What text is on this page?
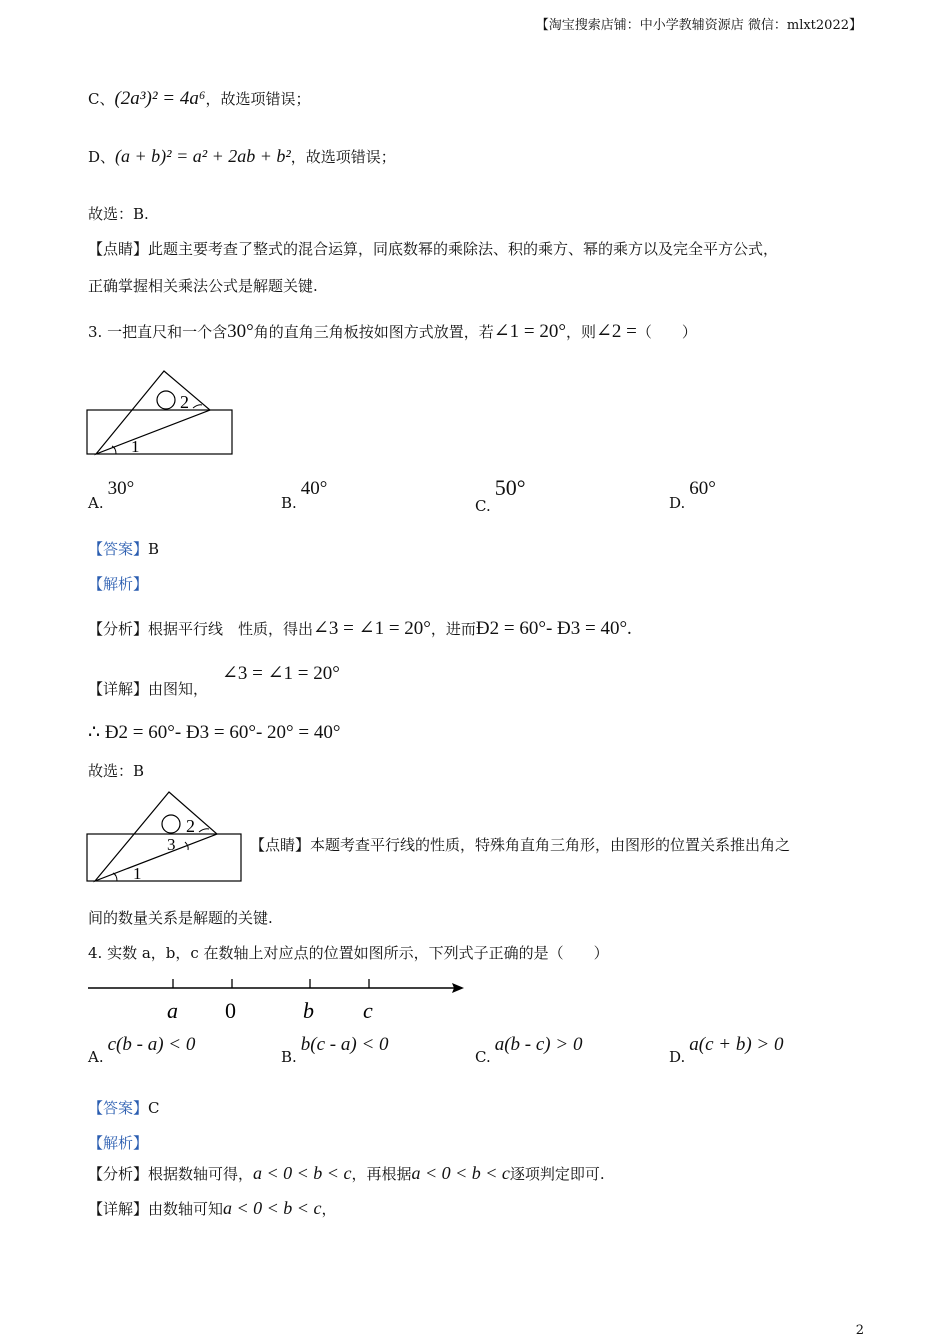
【淘宝搜索店铺：中小学教辅资源店 微信：mlxt2022】
C、(2a³)² = 4a⁶，故选项错误；
D、(a + b)² = a² + 2ab + b²，故选项错误；
故选：B.
【点睛】此题主要考查了整式的混合运算，同底数幂的乘除法、积的乘方、幂的乘方以及完全平方公式，
正确掌握相关乘法公式是解题关键.
3. 一把直尺和一个含30°角的直角三角板按如图方式放置，若∠1 = 20°，则∠2 =（　　）
2
1
A.30°
B.40°
C.50°
D.60°
【答案】B
【解析】
【分析】根据平行线　性质，得出∠3 = ∠1 = 20°，进而Ð2 = 60°- Ð3 = 40°.
【详解】由图知，
∠3 = ∠1 = 20°
∴ Ð2 = 60°- Ð3 = 60°- 20° = 40°
故选：B
2
3
1
【点睛】本题考查平行线的性质，特殊角直角三角形，由图形的位置关系推出角之
间的数量关系是解题的关键.
4. 实数 a，b，c 在数轴上对应点的位置如图所示，下列式子正确的是（　　）
a 0	b c
A.c(b - a) < 0
B.b(c - a) < 0
C.a(b - c) > 0
D.a(c + b) > 0
【答案】C
【解析】
【分析】根据数轴可得，a < 0 < b < c，再根据a < 0 < b < c逐项判定即可.
【详解】由数轴可知a < 0 < b < c，
2
